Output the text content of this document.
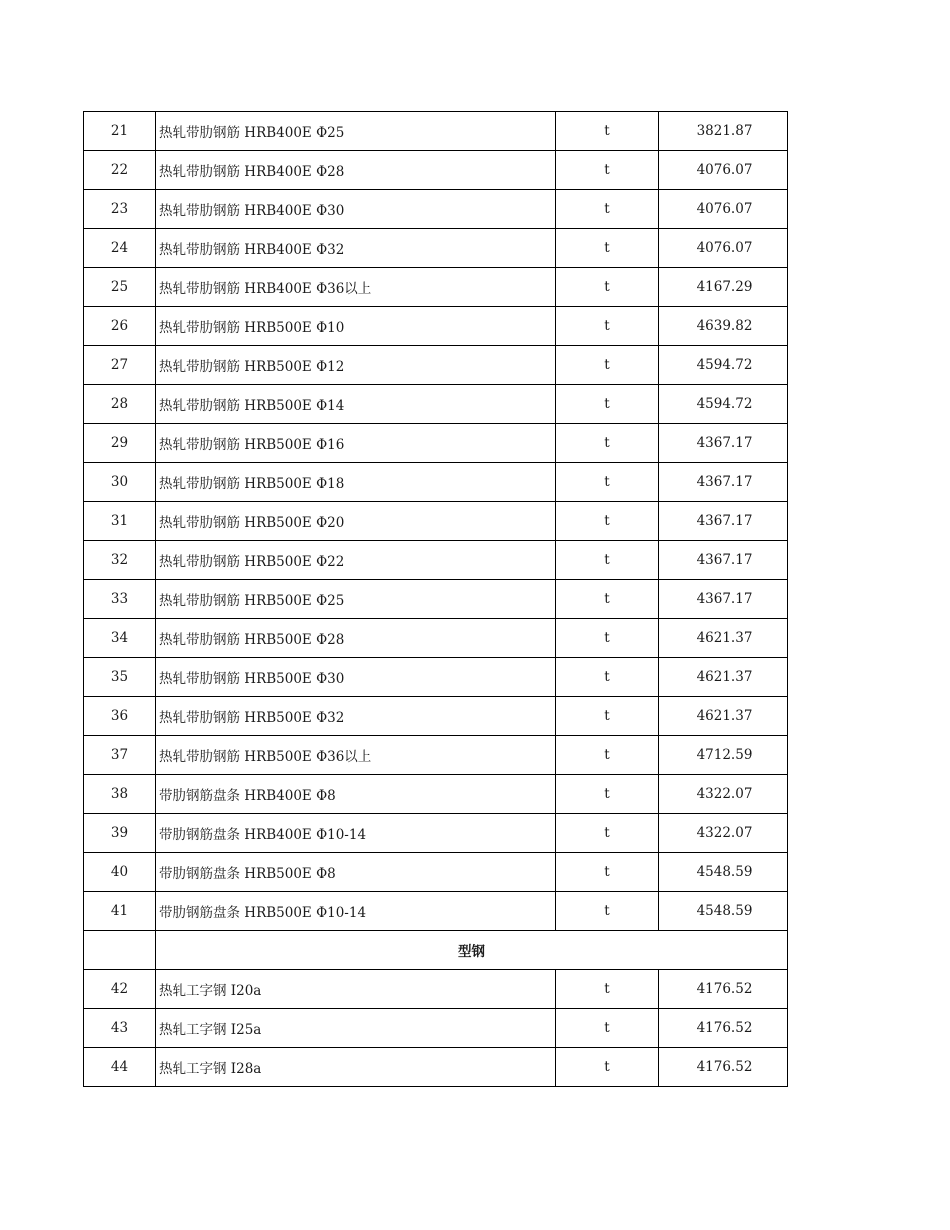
21	热轧带肋钢筋 HRB400E Φ25	t	3821.87
22	热轧带肋钢筋 HRB400E Φ28	t	4076.07
23	热轧带肋钢筋 HRB400E Φ30	t	4076.07
24	热轧带肋钢筋 HRB400E Φ32	t	4076.07
25	热轧带肋钢筋 HRB400E Φ36以上	t	4167.29
26	热轧带肋钢筋 HRB500E Φ10	t	4639.82
27	热轧带肋钢筋 HRB500E Φ12	t	4594.72
28	热轧带肋钢筋 HRB500E Φ14	t	4594.72
29	热轧带肋钢筋 HRB500E Φ16	t	4367.17
30	热轧带肋钢筋 HRB500E Φ18	t	4367.17
31	热轧带肋钢筋 HRB500E Φ20	t	4367.17
32	热轧带肋钢筋 HRB500E Φ22	t	4367.17
33	热轧带肋钢筋 HRB500E Φ25	t	4367.17
34	热轧带肋钢筋 HRB500E Φ28	t	4621.37
35	热轧带肋钢筋 HRB500E Φ30	t	4621.37
36	热轧带肋钢筋 HRB500E Φ32	t	4621.37
37	热轧带肋钢筋 HRB500E Φ36以上	t	4712.59
38	带肋钢筋盘条 HRB400E Φ8	t	4322.07
39	带肋钢筋盘条 HRB400E Φ10-14	t	4322.07
40	带肋钢筋盘条 HRB500E Φ8	t	4548.59
41	带肋钢筋盘条 HRB500E Φ10-14	t	4548.59
	型钢		
42	热轧工字钢 I20a	t	4176.52
43	热轧工字钢 I25a	t	4176.52
44	热轧工字钢 I28a	t	4176.52
